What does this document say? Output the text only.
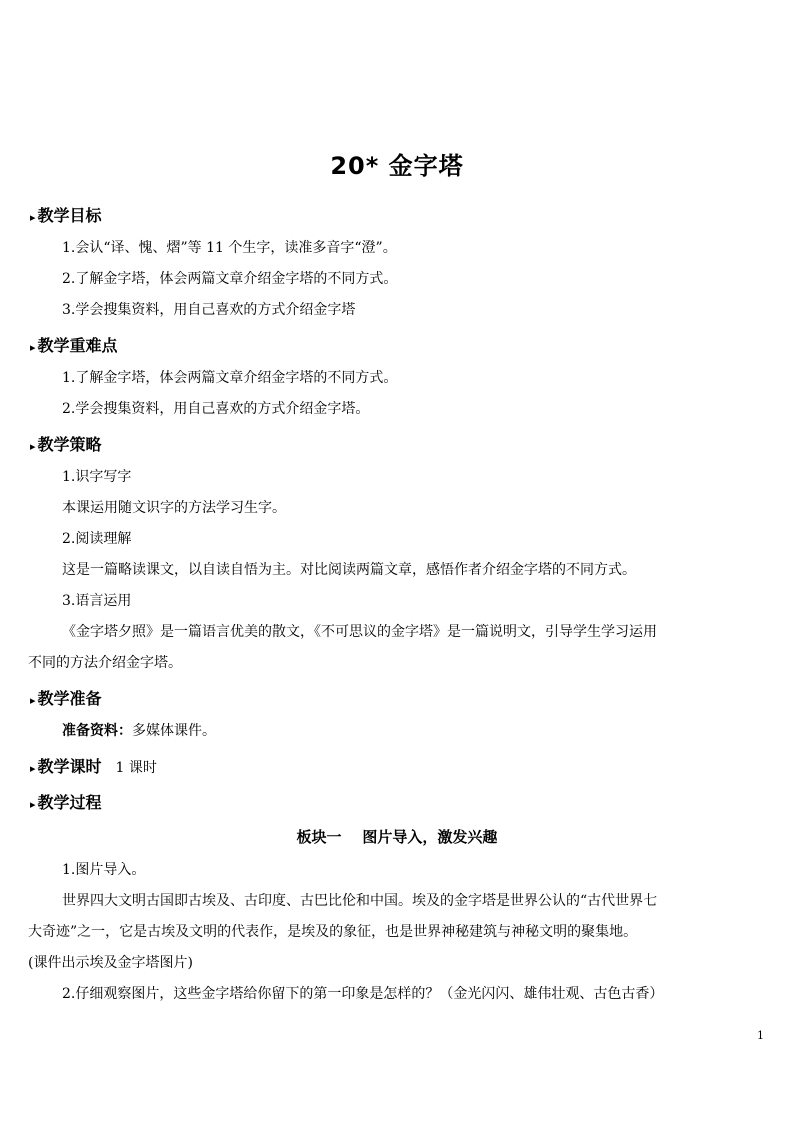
20* 金字塔
▸ 教学目标
1.会认“译、愧、熠”等 11 个生字，读准多音字“澄”。
2.了解金字塔，体会两篇文章介绍金字塔的不同方式。
3.学会搜集资料，用自己喜欢的方式介绍金字塔
▸ 教学重难点
1.了解金字塔，体会两篇文章介绍金字塔的不同方式。
2.学会搜集资料，用自己喜欢的方式介绍金字塔。
▸ 教学策略
1.识字写字
本课运用随文识字的方法学习生字。
2.阅读理解
这是一篇略读课文，以自读自悟为主。对比阅读两篇文章，感悟作者介绍金字塔的不同方式。
3.语言运用
《金字塔夕照》是一篇语言优美的散文，《不可思议的金字塔》是一篇说明文，引导学生学习运用
不同的方法介绍金字塔。
▸ 教学准备
准备资料：多媒体课件。
▸ 教学课时 1 课时
▸ 教学过程
板块一    图片导入，激发兴趣
1.图片导入。
世界四大文明古国即古埃及、古印度、古巴比伦和中国。埃及的金字塔是世界公认的“古代世界七
大奇迹”之一，它是古埃及文明的代表作，是埃及的象征，也是世界神秘建筑与神秘文明的聚集地。
(课件出示埃及金字塔图片)
2.仔细观察图片，这些金字塔给你留下的第一印象是怎样的？（金光闪闪、雄伟壮观、古色古香）
1
